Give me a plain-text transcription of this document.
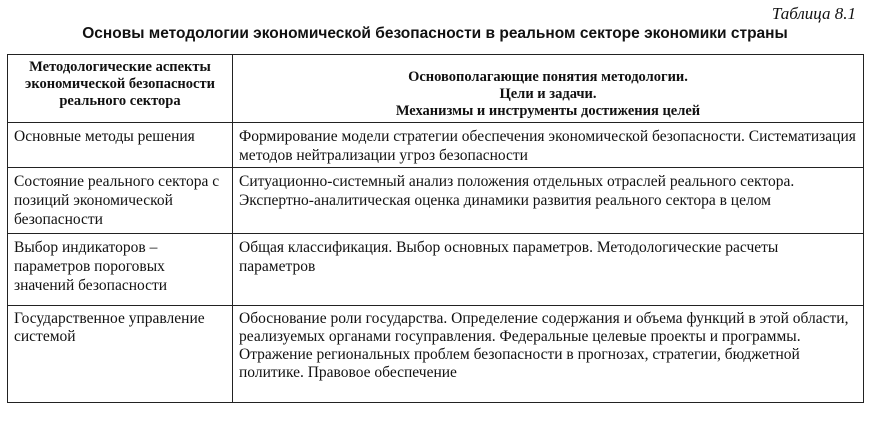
Таблица 8.1
Основы методологии экономической безопасности в реальном секторе экономики страны
Методологические аспекты экономической безопасности реального сектора	Основополагающие понятия методологии.
Цели и задачи.
Механизмы и инструменты достижения целей

Основные методы решения	Формирование модели стратегии обеспечения экономической безопасности. Систематизация методов нейтрализации угроз безопасности
Состояние реального сектора с позиций экономической безопасности	Ситуационно-системный анализ положения отдельных отраслей реального сектора. Экспертно-аналитическая оценка динамики развития реального сектора в целом
Выбор индикаторов – параметров пороговых значений безопасности	Общая классификация. Выбор основных параметров. Методологические расчеты параметров
Государственное управление системой	Обоснование роли государства. Определение содержания и объема функций в этой области, реализуемых органами госуправления. Федеральные целевые проекты и программы. Отражение региональных проблем безопасности в прогнозах, стратегии, бюджетной политике. Правовое обеспечение
